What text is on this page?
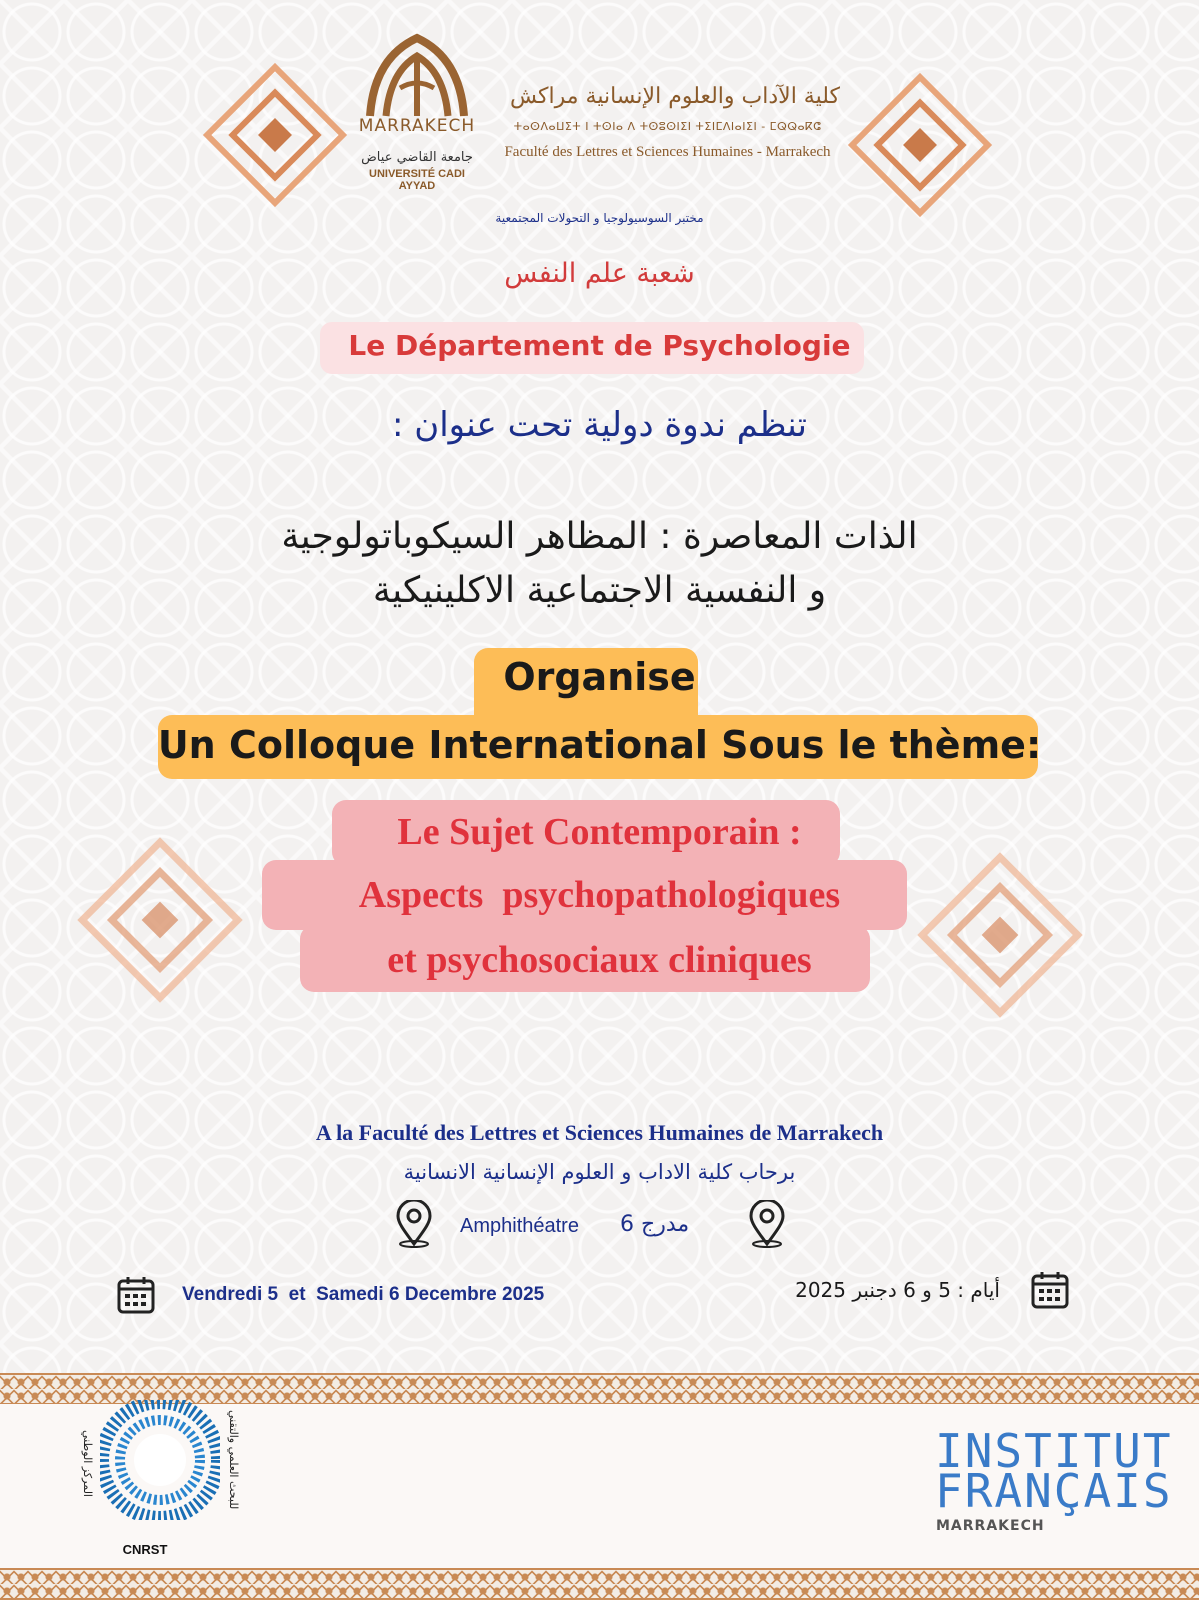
MARRAKECH
جامعة القاضي عياض
UNIVERSITÉ CADI AYYAD
كلية الآداب والعلوم الإنسانية مراكش
ⵜⴰⵙⴷⴰⵡⵉⵜ ⵏ ⵜⵙⵏⴰ ⴷ ⵜⵙⵓⵙⵏⵉⵏ ⵜⵉⵏⵎⴷⵏⴰⵏⵉⵏ - ⵎⵕⵕⴰⴽⵛ
Faculté des Lettres et Sciences Humaines - Marrakech
مختبر السوسيولوجيا و التحولات المجتمعية
شعبة علم النفس
Le Département de Psychologie
تنظم ندوة دولية تحت عنوان :
الذات المعاصرة : المظاهر السيكوباتولوجية
و النفسية الاجتماعية الاكلينيكية
Organise
Un Colloque International Sous le thème:
Le Sujet Contemporain :
Aspects  psychopathologiques
et psychosociaux cliniques
A la Faculté des Lettres et Sciences Humaines de Marrakech
برحاب كلية الاداب و العلوم الإنسانية الانسانية
Amphithéatre مدرج 6
Vendredi 5  et  Samedi 6 Decembre 2025	أيام : 5 و 6 دجنبر 2025
المركز الوطني	للبحث العلمي والتقني
CNRST
INSTITUT
FRANÇAIS
MARRAKECH
